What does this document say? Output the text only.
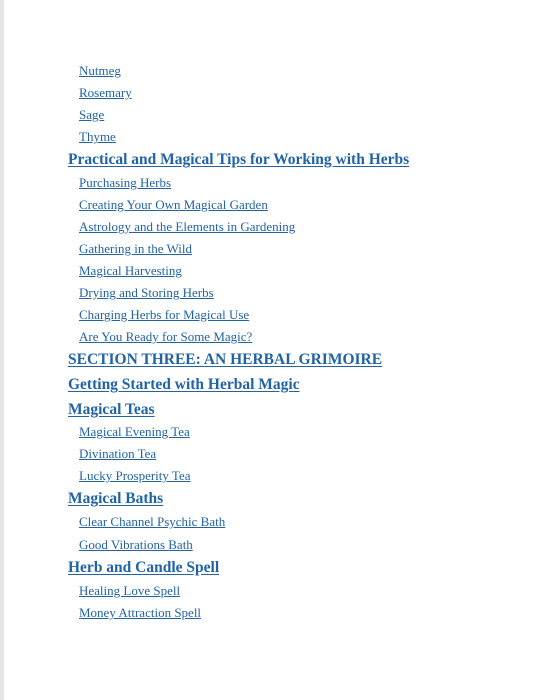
Nutmeg
Rosemary
Sage
Thyme
Practical and Magical Tips for Working with Herbs
Purchasing Herbs
Creating Your Own Magical Garden
Astrology and the Elements in Gardening
Gathering in the Wild
Magical Harvesting
Drying and Storing Herbs
Charging Herbs for Magical Use
Are You Ready for Some Magic?
SECTION THREE: AN HERBAL GRIMOIRE
Getting Started with Herbal Magic
Magical Teas
Magical Evening Tea
Divination Tea
Lucky Prosperity Tea
Magical Baths
Clear Channel Psychic Bath
Good Vibrations Bath
Herb and Candle Spell
Healing Love Spell
Money Attraction Spell
